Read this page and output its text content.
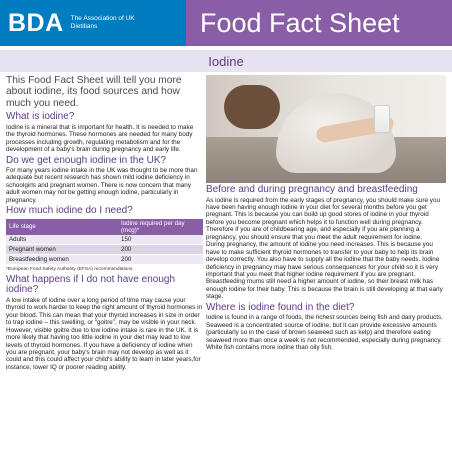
BDA The Association of UK Dietitians	Food Fact Sheet
Iodine
This Food Fact Sheet will tell you more about iodine, its food sources and how much you need.
What is iodine?

Iodine is a mineral that is important for health. It is needed to make the thyroid hormones. These hormones are needed for many body processes including growth, regulating metabolism and for the development of a baby's brain during pregnancy and early life.

Do we get enough iodine in the UK?

For many years iodine intake in the UK was thought to be more than adequate but recent research has shown mild iodine deficiency in schoolgirls and pregnant women. There is now concern that many adult women may not be getting enough iodine, particularly in pregnancy.

How much iodine do I need?
Life stage	Iodine required per day (mcg)*
Adults	150
Pregnant women	200
Breastfeeding women	200
*European Food Safety Authority (EFSA) recommendations.
What happens if I do not have enough iodine?

A low intake of iodine over a long period of time may cause your thyroid to work harder to keep the right amount of thyroid hormones in your blood. This can mean that your thyroid increases in size in order to trap iodine – this swelling, or “goitre”, may be visible in your neck. However, visible goitre due to low iodine intake is rare in the UK. It is more likely that having too little iodine in your diet may lead to low levels of thyroid hormones. If you have a deficiency of iodine when you are pregnant, your baby's brain may not develop as well as it could and this could affect your child's ability to learn in later years,for instance, lower IQ or poorer reading ability.

Before and during pregnancy and breastfeeding

As iodine is required from the early stages of pregnancy, you should make sure you have been having enough iodine in your diet for several months before you get pregnant. This is because you can build up good stores of iodine in your thyroid before you become pregnant which helps it to function well during pregnancy. Therefore if you are of childbearing age, and especially if you are planning a pregnancy, you should ensure that you meet the adult requirement for iodine.

During pregnancy, the amount of iodine you need increases. This is because you have to make sufficient thyroid hormones to transfer to your baby to help its brain develop correctly. You also have to supply all the iodine that the baby needs. Iodine deficiency in pregnancy may have serious consequences for your child so it is very important that you meet that higher iodine requirement if you are pregnant. Breastfeeding mums still need a higher amount of iodine, so their breast milk has enough iodine for their baby. This is because the brain is still developing at that early stage.

Where is iodine found in the diet?

Iodine is found in a range of foods, the richest sources being fish and dairy products. Seaweed is a concentrated source of iodine, but it can provide excessive amounts (particularly so in the case of brown seaweed such as kelp) and therefore eating seaweed more than once a week is not recommended, especially during pregnancy.

White fish contains more iodine than oily fish.
